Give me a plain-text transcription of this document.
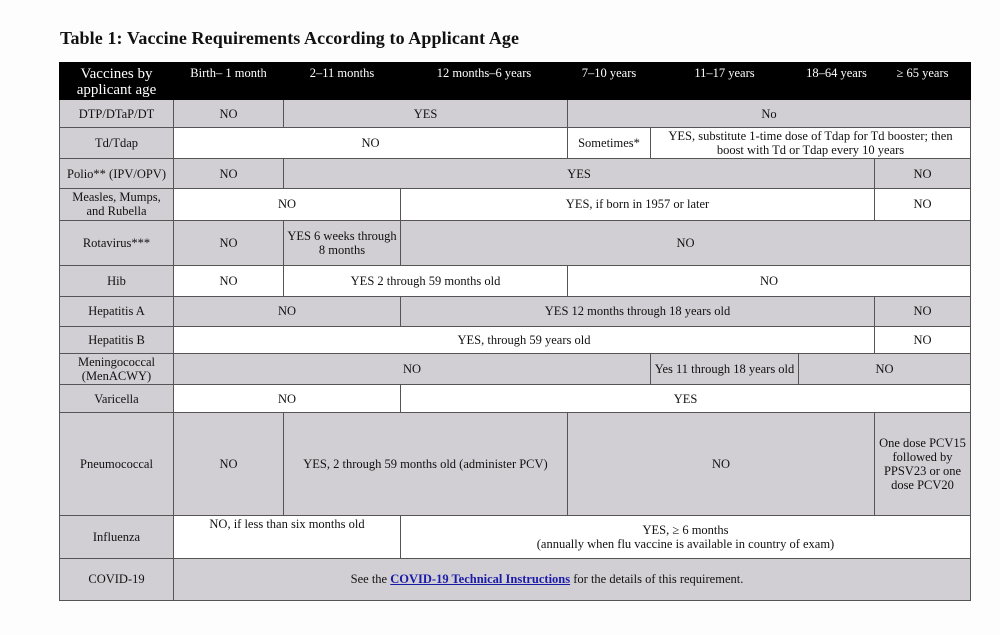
Table 1: Vaccine Requirements According to Applicant Age
Vaccines by applicant age	Birth– 1 month	2–11 months	12 months–6 years	7–10 years	11–17 years	18–64 years	≥ 65 years
DTP/DTaP/DT	NO	YES		No			
Td/Tdap	NO			Sometimes*	YES, substitute 1-time dose of Tdap for Td booster; then boost with Td or Tdap every 10 years		
Polio** (IPV/OPV)	NO	YES					NO
Measles, Mumps, and Rubella	NO		YES, if born in 1957 or later				NO
Rotavirus***	NO	YES 6 weeks through 8 months	NO				
Hib	NO	YES 2 through 59 months old		NO			
Hepatitis A	NO		YES 12 months through 18 years old				NO
Hepatitis B	YES, through 59 years old						NO
Meningococcal (MenACWY)	NO				Yes 11 through 18 years old	NO	
Varicella	NO		YES				
Pneumococcal	NO	YES, 2 through 59 months old (administer PCV)		NO			One dose PCV15 followed by PPSV23 or one dose PCV20
Influenza	NO, if less than six months old		YES, ≥ 6 months
(annually when flu vaccine is available in country of exam)				

COVID-19	See the COVID-19 Technical Instructions for the details of this requirement.						
